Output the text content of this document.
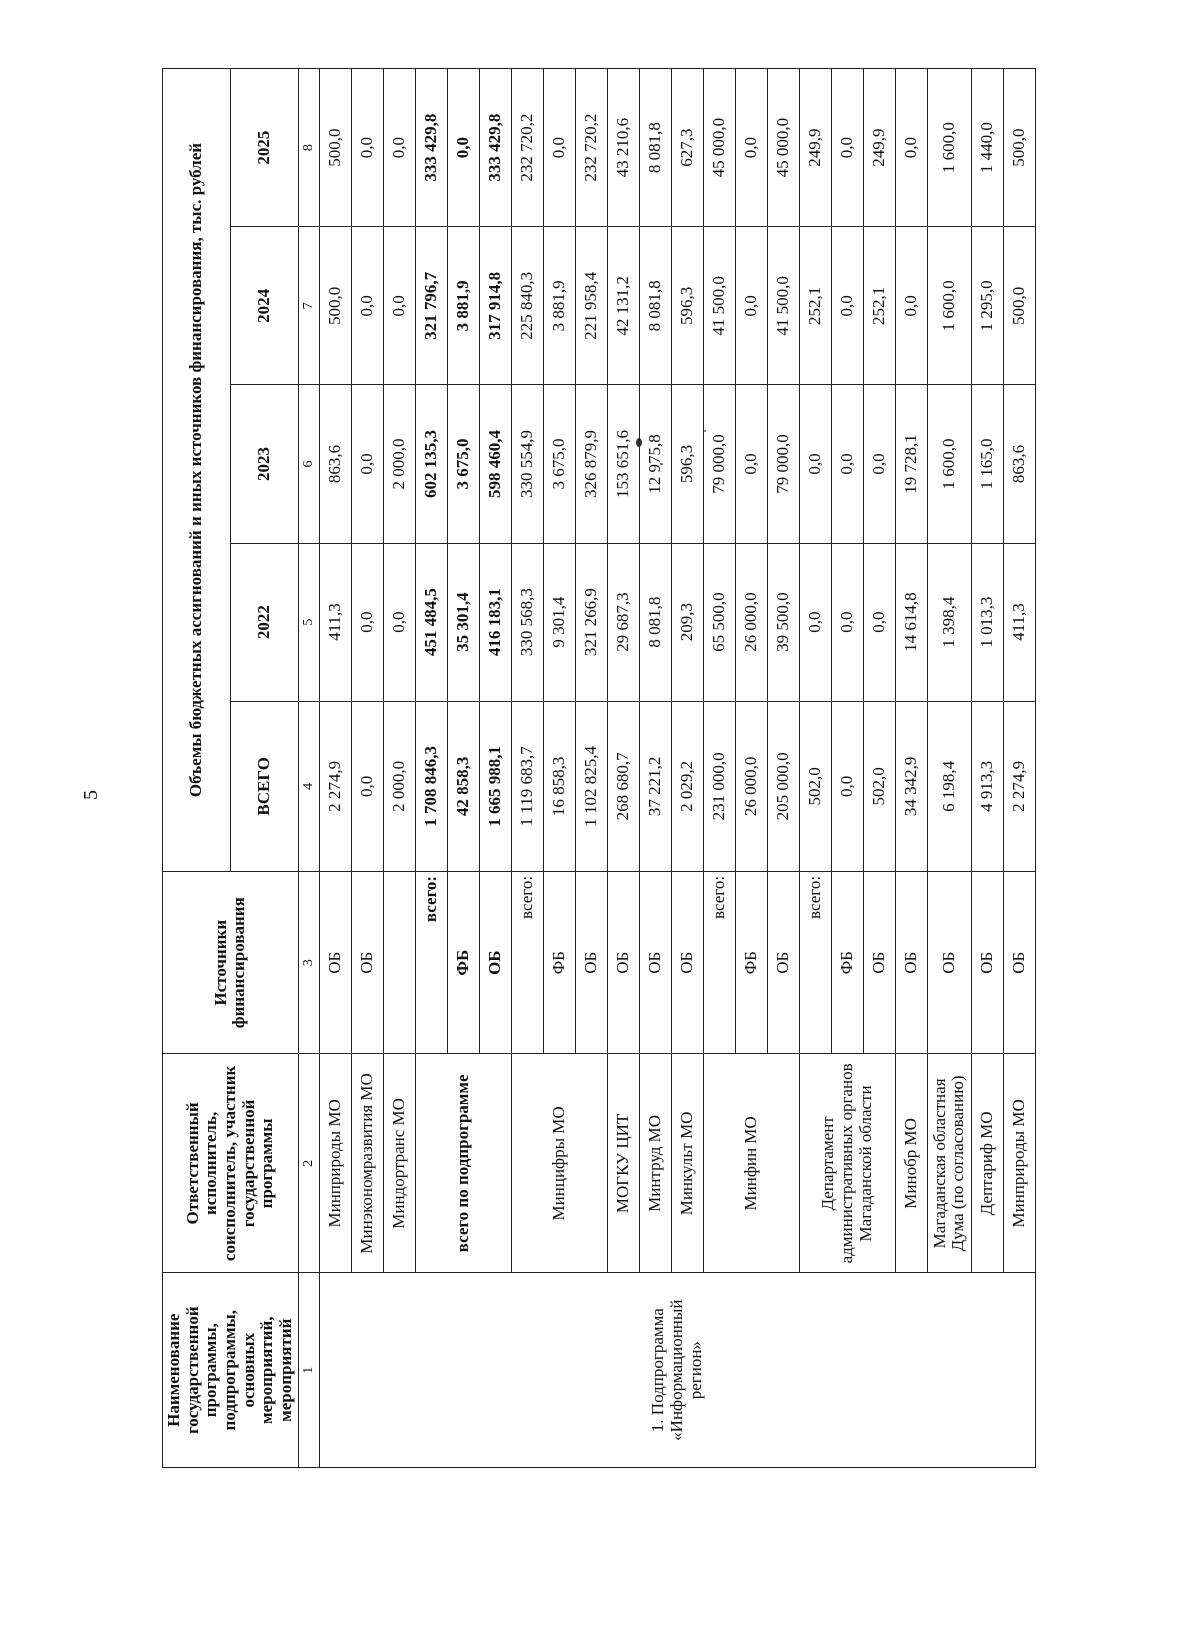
5
Наименование государственной программы, подпрограммы, основных мероприятий, мероприятий	Ответственный исполнитель, соисполнитель, участник государственной программы	Источники финансирования	Объемы бюджетных ассигнований и иных источников финансирования, тыс. рублей				
			ВСЕГО	2022	2023	2024	2025
1	2	3	4	5	6	7	8
1. Подпрограмма «Информационный регион»	Минприроды МО	ОБ	2 274,9	411,3	863,6	500,0	500,0
	Минэкономразвития МО	ОБ	0,0	0,0	0,0	0,0	0,0
	Миндортранс МО		2 000,0	0,0	2 000,0	0,0	0,0
	всего по подпрограмме	всего:	1 708 846,3	451 484,5	602 135,3	321 796,7	333 429,8
		ФБ	42 858,3	35 301,4	3 675,0	3 881,9	0,0
		ОБ	1 665 988,1	416 183,1	598 460,4	317 914,8	333 429,8
	Минцифры МО	всего:	1 119 683,7	330 568,3	330 554,9	225 840,3	232 720,2
		ФБ	16 858,3	9 301,4	3 675,0	3 881,9	0,0
		ОБ	1 102 825,4	321 266,9	326 879,9	221 958,4	232 720,2
	МОГКУ ЦИТ	ОБ	268 680,7	29 687,3	153 651,6	42 131,2	43 210,6
	Минтруд МО	ОБ	37 221,2	8 081,8	12 975,8	8 081,8	8 081,8
	Минкульт МО	ОБ	2 029,2	209,3	596,3	596,3	627,3
	Минфин МО	всего:	231 000,0	65 500,0	79 000,0	41 500,0	45 000,0
		ФБ	26 000,0	26 000,0	0,0	0,0	0,0
		ОБ	205 000,0	39 500,0	79 000,0	41 500,0	45 000,0
	Департамент административных органов Магаданской области	всего:	502,0	0,0	0,0	252,1	249,9
		ФБ	0,0	0,0	0,0	0,0	0,0
		ОБ	502,0	0,0	0,0	252,1	249,9
	Минобр МО	ОБ	34 342,9	14 614,8	19 728,1	0,0	0,0
	Магаданская областная Дума (по согласованию)	ОБ	6 198,4	1 398,4	1 600,0	1 600,0	1 600,0
	Дептариф МО	ОБ	4 913,3	1 013,3	1 165,0	1 295,0	1 440,0
	Минприроды МО	ОБ	2 274,9	411,3	863,6	500,0	500,0
